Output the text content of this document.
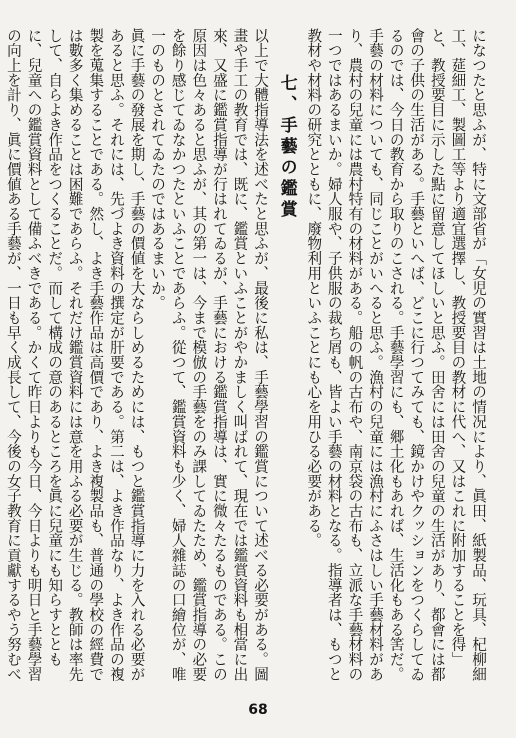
になつたと思ふが、特に文部省が「女児の實習は土地の情况により、眞田、紙製品、玩具、杞柳細工、莚細工、製圖工等より適宜選擇し、教授要目の教材に代へ、又はこれに附加することを得」と、教授要目に示した點に留意してほしいと思ふ。田舍には田舍の兒童の生活があり、都會には都會の子供の生活がある。手藝といへば、どこに行つてみても、鏡かけやクッションをつくらしてゐるのでは、今日の教育から取りのこされる。手藝學習にも、郷土化もあれば、生活化もある筈だ。手藝の材料についても、同じことがいへると思ふ。漁村の兒童には漁村にふさはしい手藝材料があり、農村の兒童には農村特有の材料がある。船の帆の古布や、南京袋の古布も、立派な手藝材料の一つではあるまいか。婦人服や、子供服の裁ち屑も、皆よい手藝の材料となる。指導者は、もつと教材や材料の研究とともに、廢物利用といふことにも心を用ひる必要がある。

七、手藝の鑑賞

以上で大體指導法を述べたと思ふが、最後に私は、手藝學習の鑑賞について述べる必要がある。圖畫や手工の教育では、既に、鑑賞といふことがやかましく叫ばれて、現在では鑑賞資料も相當に出來、又盛に鑑賞指導が行はれてゐるが、手藝における鑑賞指導は、實に微々たるものである。この原因は色々あると思ふが、其の第一は、今まで模倣の手藝をのみ課してゐたため、鑑賞指導の必要を餘り感じてゐなかつたといふことであらふ。從つて、鑑賞資料も少く、婦人雜誌の口繪位が、唯一のものとされてゐたのではあるまいか。

眞に手藝の發展を期し、手藝の價値を大ならしめるためには、もつと鑑賞指導に力を入れる必要があると思ふ。それには、先づよき資料の撰定が肝要である。第二は、よき作品なり、よき作品の複製を蒐集することである。然し、よき手藝作品は高價であり、よき複製品も、普通の學校の經費では數多く集めることは困難であらふ。それだけ鑑賞資料には意を用ふる必要が生じる。教師は率先して、自らよき作品をつくることだ。而して構成の意のあるところを眞に兒童にも知らすとともに、兒童への鑑賞資料として備ふべきである。かくて昨日よりも今日、今日よりも明日と手藝學習の向上を計り、眞に價値ある手藝が、一日も早く成長して、今後の女子教育に貢獻するやう努むべ

68
